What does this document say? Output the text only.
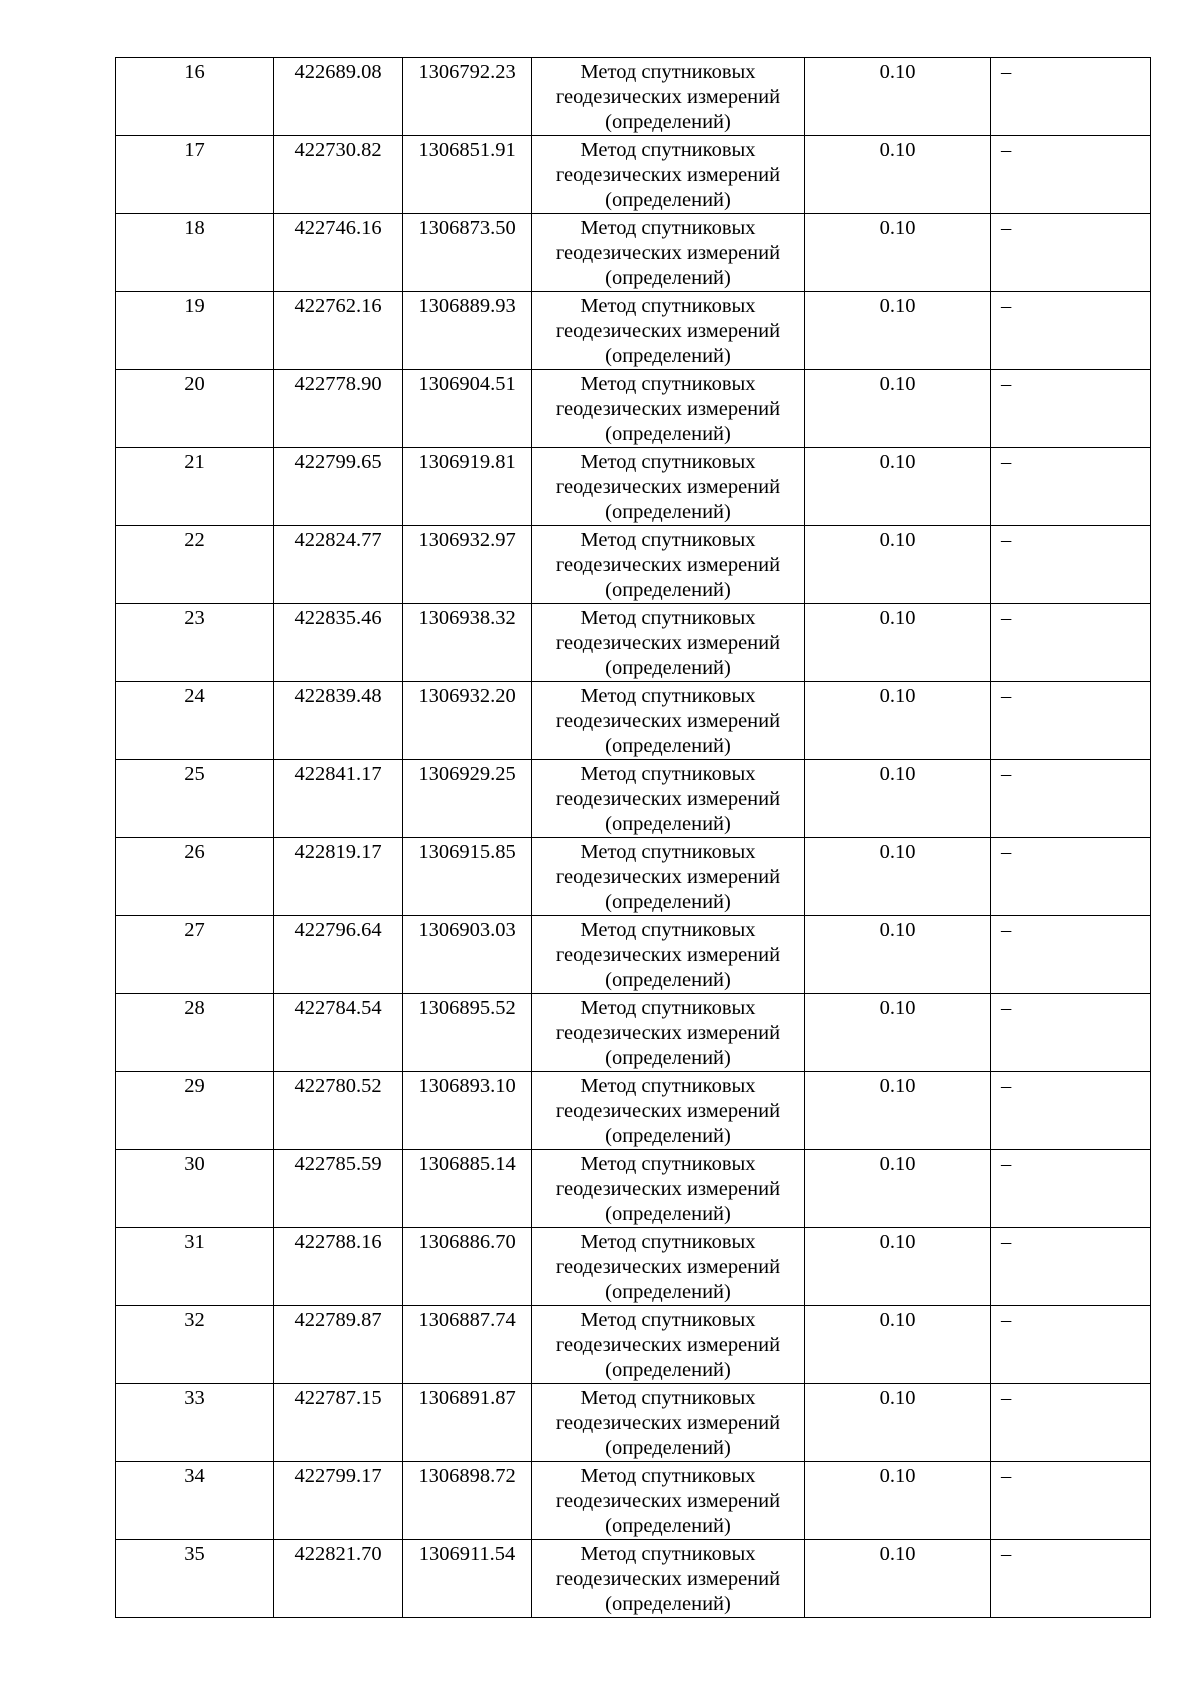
16	422689.08	1306792.23	Метод спутниковых
геодезических измерений
(определений)	0.10	–
17	422730.82	1306851.91	Метод спутниковых
геодезических измерений
(определений)	0.10	–
18	422746.16	1306873.50	Метод спутниковых
геодезических измерений
(определений)	0.10	–
19	422762.16	1306889.93	Метод спутниковых
геодезических измерений
(определений)	0.10	–
20	422778.90	1306904.51	Метод спутниковых
геодезических измерений
(определений)	0.10	–
21	422799.65	1306919.81	Метод спутниковых
геодезических измерений
(определений)	0.10	–
22	422824.77	1306932.97	Метод спутниковых
геодезических измерений
(определений)	0.10	–
23	422835.46	1306938.32	Метод спутниковых
геодезических измерений
(определений)	0.10	–
24	422839.48	1306932.20	Метод спутниковых
геодезических измерений
(определений)	0.10	–
25	422841.17	1306929.25	Метод спутниковых
геодезических измерений
(определений)	0.10	–
26	422819.17	1306915.85	Метод спутниковых
геодезических измерений
(определений)	0.10	–
27	422796.64	1306903.03	Метод спутниковых
геодезических измерений
(определений)	0.10	–
28	422784.54	1306895.52	Метод спутниковых
геодезических измерений
(определений)	0.10	–
29	422780.52	1306893.10	Метод спутниковых
геодезических измерений
(определений)	0.10	–
30	422785.59	1306885.14	Метод спутниковых
геодезических измерений
(определений)	0.10	–
31	422788.16	1306886.70	Метод спутниковых
геодезических измерений
(определений)	0.10	–
32	422789.87	1306887.74	Метод спутниковых
геодезических измерений
(определений)	0.10	–
33	422787.15	1306891.87	Метод спутниковых
геодезических измерений
(определений)	0.10	–
34	422799.17	1306898.72	Метод спутниковых
геодезических измерений
(определений)	0.10	–
35	422821.70	1306911.54	Метод спутниковых
геодезических измерений
(определений)	0.10	–
